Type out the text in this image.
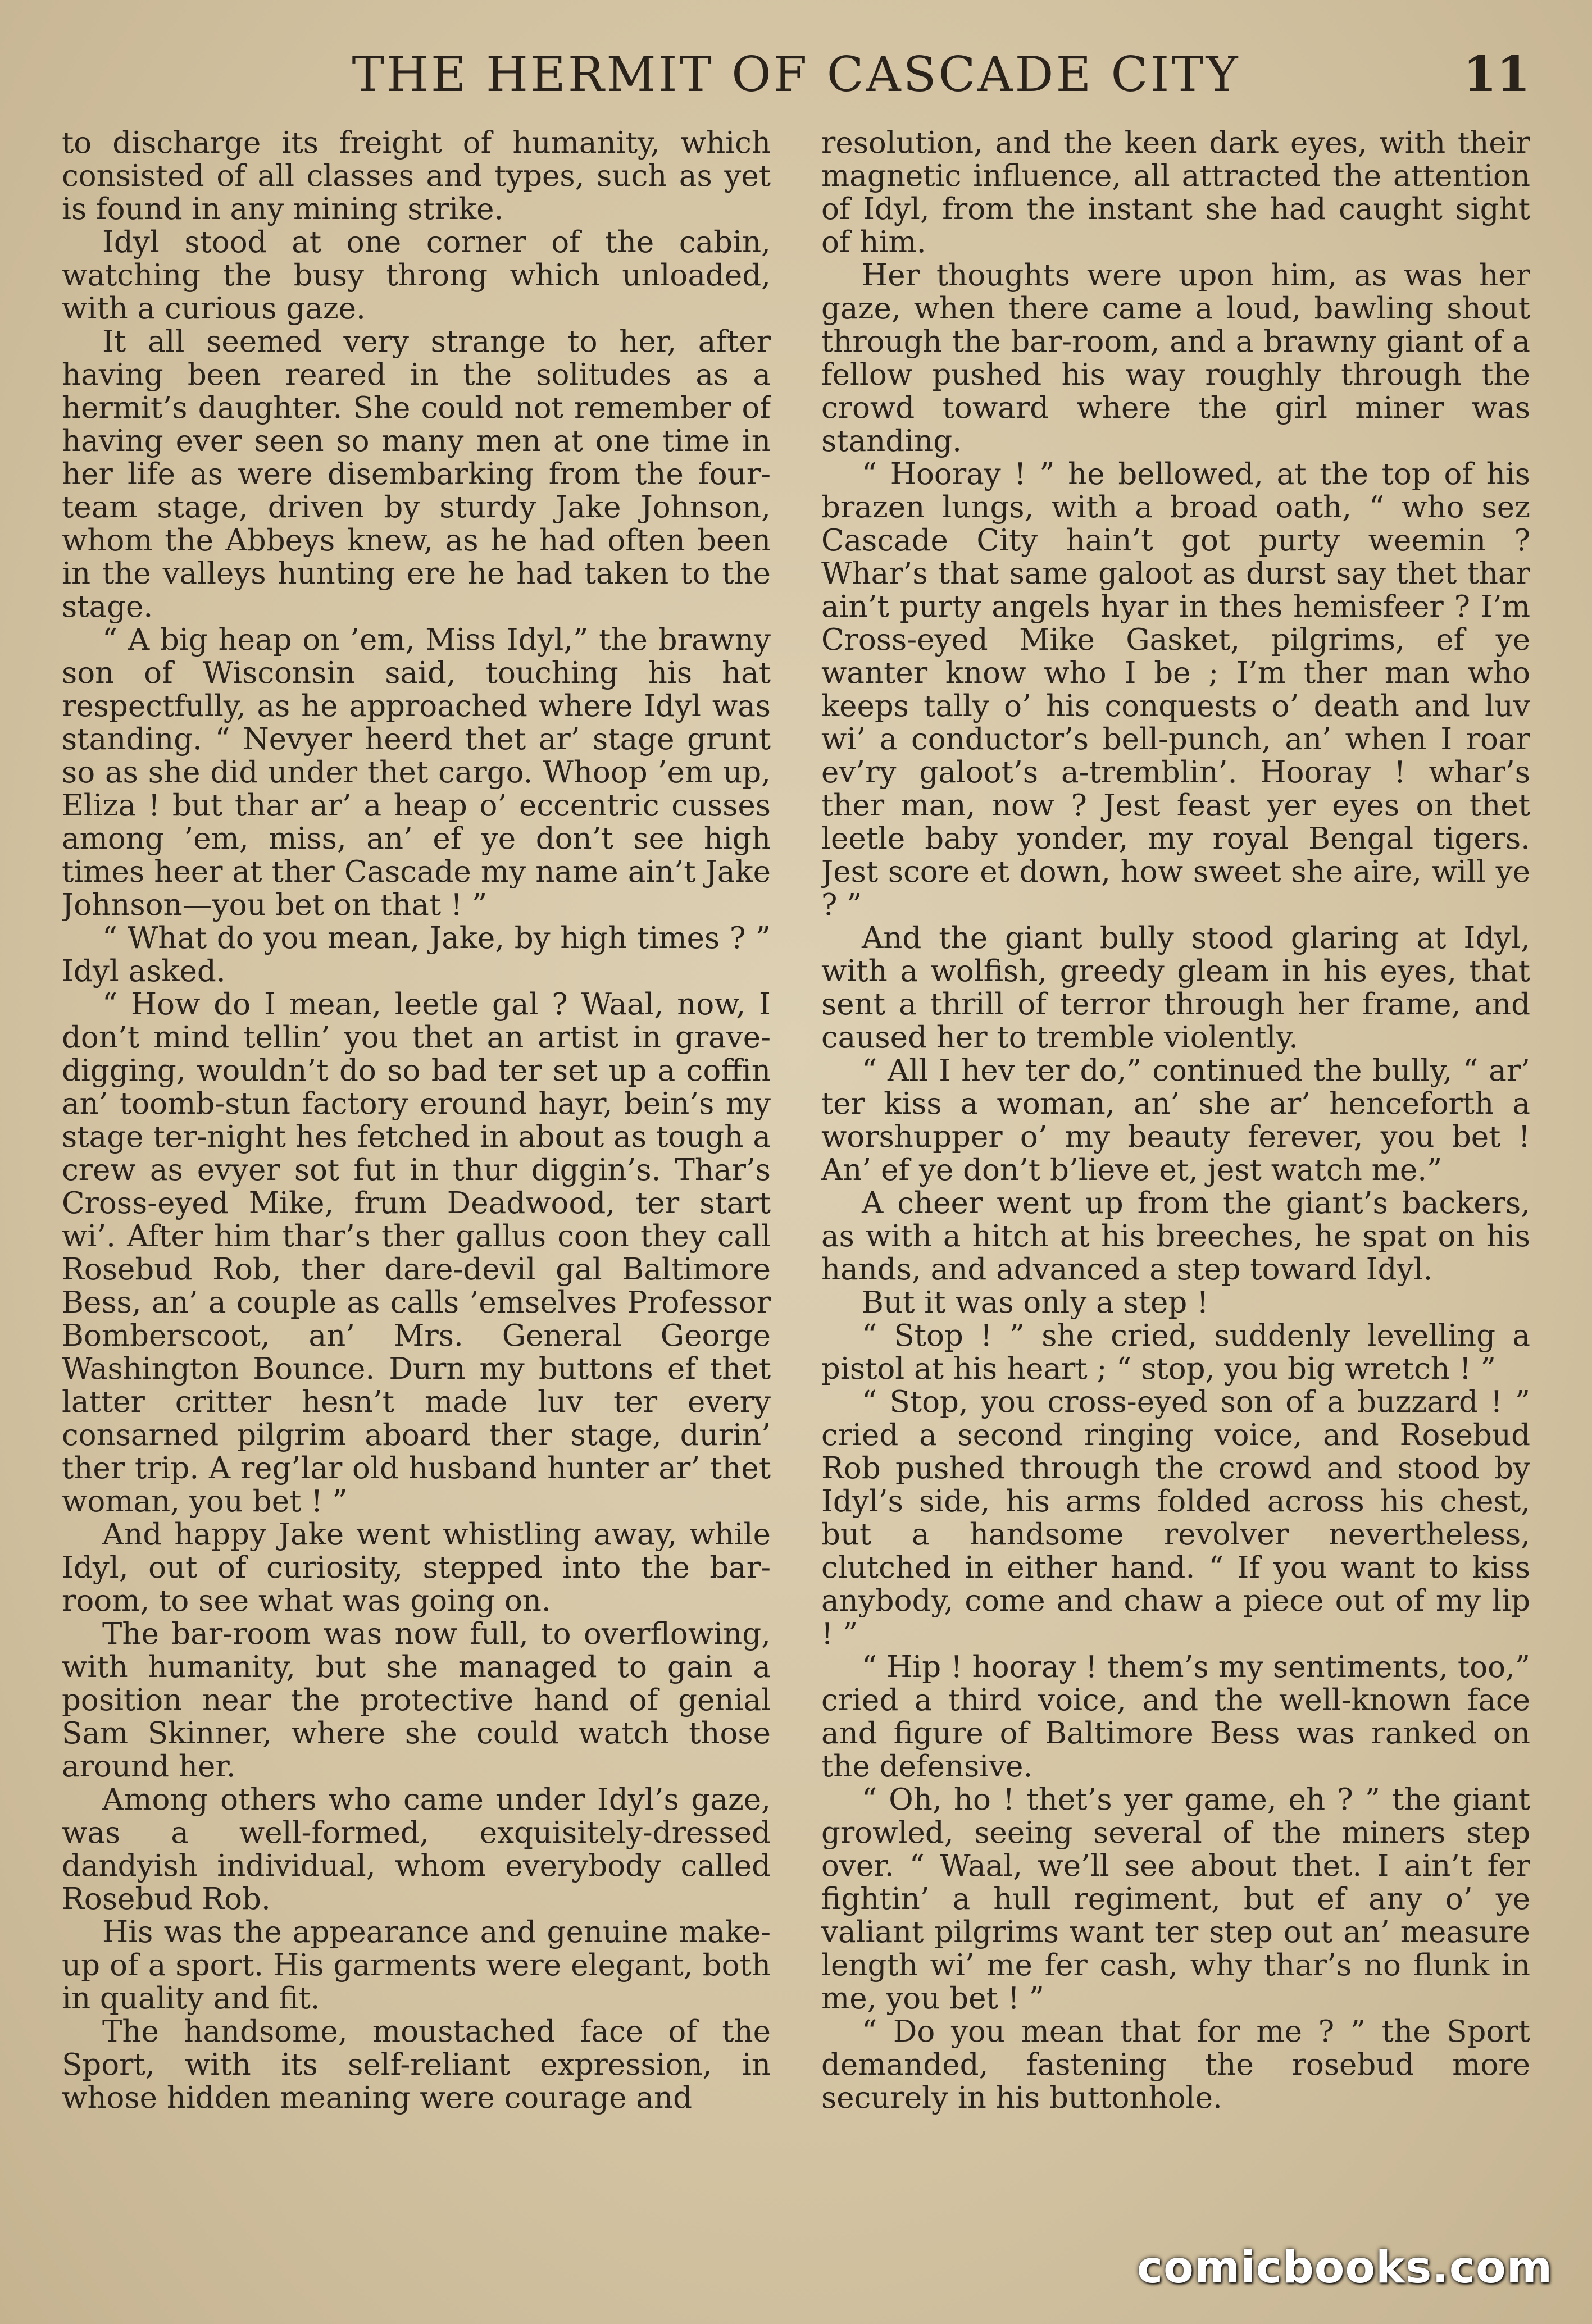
THE HERMIT OF CASCADE CITY	11

to discharge its freight of humanity, which consisted of all classes and types, such as yet is found in any mining strike.

Idyl stood at one corner of the cabin, watching the busy throng which unloaded, with a curious gaze.

It all seemed very strange to her, after having been reared in the solitudes as a hermit’s daughter. She could not remember of having ever seen so many men at one time in her life as were disembarking from the four-team stage, driven by sturdy Jake Johnson, whom the Abbeys knew, as he had often been in the valleys hunting ere he had taken to the stage.

“ A big heap on ’em, Miss Idyl,” the brawny son of Wisconsin said, touching his hat respectfully, as he approached where Idyl was standing. “ Nevyer heerd thet ar’ stage grunt so as she did under thet cargo. Whoop ’em up, Eliza ! but thar ar’ a heap o’ eccentric cusses among ’em, miss, an’ ef ye don’t see high times heer at ther Cascade my name ain’t Jake Johnson—you bet on that ! ”

“ What do you mean, Jake, by high times ? ” Idyl asked.

“ How do I mean, leetle gal ? Waal, now, I don’t mind tellin’ you thet an artist in grave-digging, wouldn’t do so bad ter set up a coffin an’ toomb-stun factory eround hayr, bein’s my stage ter-night hes fetched in about as tough a crew as evyer sot fut in thur diggin’s. Thar’s Cross-eyed Mike, frum Deadwood, ter start wi’. After him thar’s ther gallus coon they call Rosebud Rob, ther dare-devil gal Baltimore Bess, an’ a couple as calls ’emselves Professor Bomberscoot, an’ Mrs. General George Washington Bounce. Durn my buttons ef thet latter critter hesn’t made luv ter every consarned pilgrim aboard ther stage, durin’ ther trip. A reg’lar old husband hunter ar’ thet woman, you bet ! ”

And happy Jake went whistling away, while Idyl, out of curiosity, stepped into the bar-room, to see what was going on.

The bar-room was now full, to overflowing, with humanity, but she managed to gain a position near the protective hand of genial Sam Skinner, where she could watch those around her.

Among others who came under Idyl’s gaze, was a well-formed, exquisitely-dressed dandyish individual, whom everybody called Rosebud Rob.

His was the appearance and genuine make-up of a sport. His garments were elegant, both in quality and fit.

The handsome, moustached face of the Sport, with its self-reliant expression, in whose hidden meaning were courage and

resolution, and the keen dark eyes, with their magnetic influence, all attracted the attention of Idyl, from the instant she had caught sight of him.

Her thoughts were upon him, as was her gaze, when there came a loud, bawling shout through the bar-room, and a brawny giant of a fellow pushed his way roughly through the crowd toward where the girl miner was standing.

“ Hooray ! ” he bellowed, at the top of his brazen lungs, with a broad oath, “ who sez Cascade City hain’t got purty weemin ? Whar’s that same galoot as durst say thet thar ain’t purty angels hyar in thes hemisfeer ? I’m Cross-eyed Mike Gasket, pilgrims, ef ye wanter know who I be ; I’m ther man who keeps tally o’ his conquests o’ death and luv wi’ a conductor’s bell-punch, an’ when I roar ev’ry galoot’s a-tremblin’. Hooray ! whar’s ther man, now ? Jest feast yer eyes on thet leetle baby yonder, my royal Bengal tigers. Jest score et down, how sweet she aire, will ye ? ”

And the giant bully stood glaring at Idyl, with a wolfish, greedy gleam in his eyes, that sent a thrill of terror through her frame, and caused her to tremble violently.

“ All I hev ter do,” continued the bully, “ ar’ ter kiss a woman, an’ she ar’ henceforth a worshupper o’ my beauty ferever, you bet ! An’ ef ye don’t b’lieve et, jest watch me.”

A cheer went up from the giant’s backers, as with a hitch at his breeches, he spat on his hands, and advanced a step toward Idyl.

But it was only a step !

“ Stop ! ” she cried, suddenly levelling a pistol at his heart ; “ stop, you big wretch ! ”

“ Stop, you cross-eyed son of a buzzard ! ” cried a second ringing voice, and Rosebud Rob pushed through the crowd and stood by Idyl’s side, his arms folded across his chest, but a handsome revolver nevertheless, clutched in either hand. “ If you want to kiss anybody, come and chaw a piece out of my lip ! ”

“ Hip ! hooray ! them’s my sentiments, too,” cried a third voice, and the well-known face and figure of Baltimore Bess was ranked on the defensive.

“ Oh, ho ! thet’s yer game, eh ? ” the giant growled, seeing several of the miners step over. “ Waal, we’ll see about thet. I ain’t fer fightin’ a hull regiment, but ef any o’ ye valiant pilgrims want ter step out an’ measure length wi’ me fer cash, why thar’s no flunk in me, you bet ! ”

“ Do you mean that for me ? ” the Sport demanded, fastening the rosebud more securely in his buttonhole.

comicbooks.com
